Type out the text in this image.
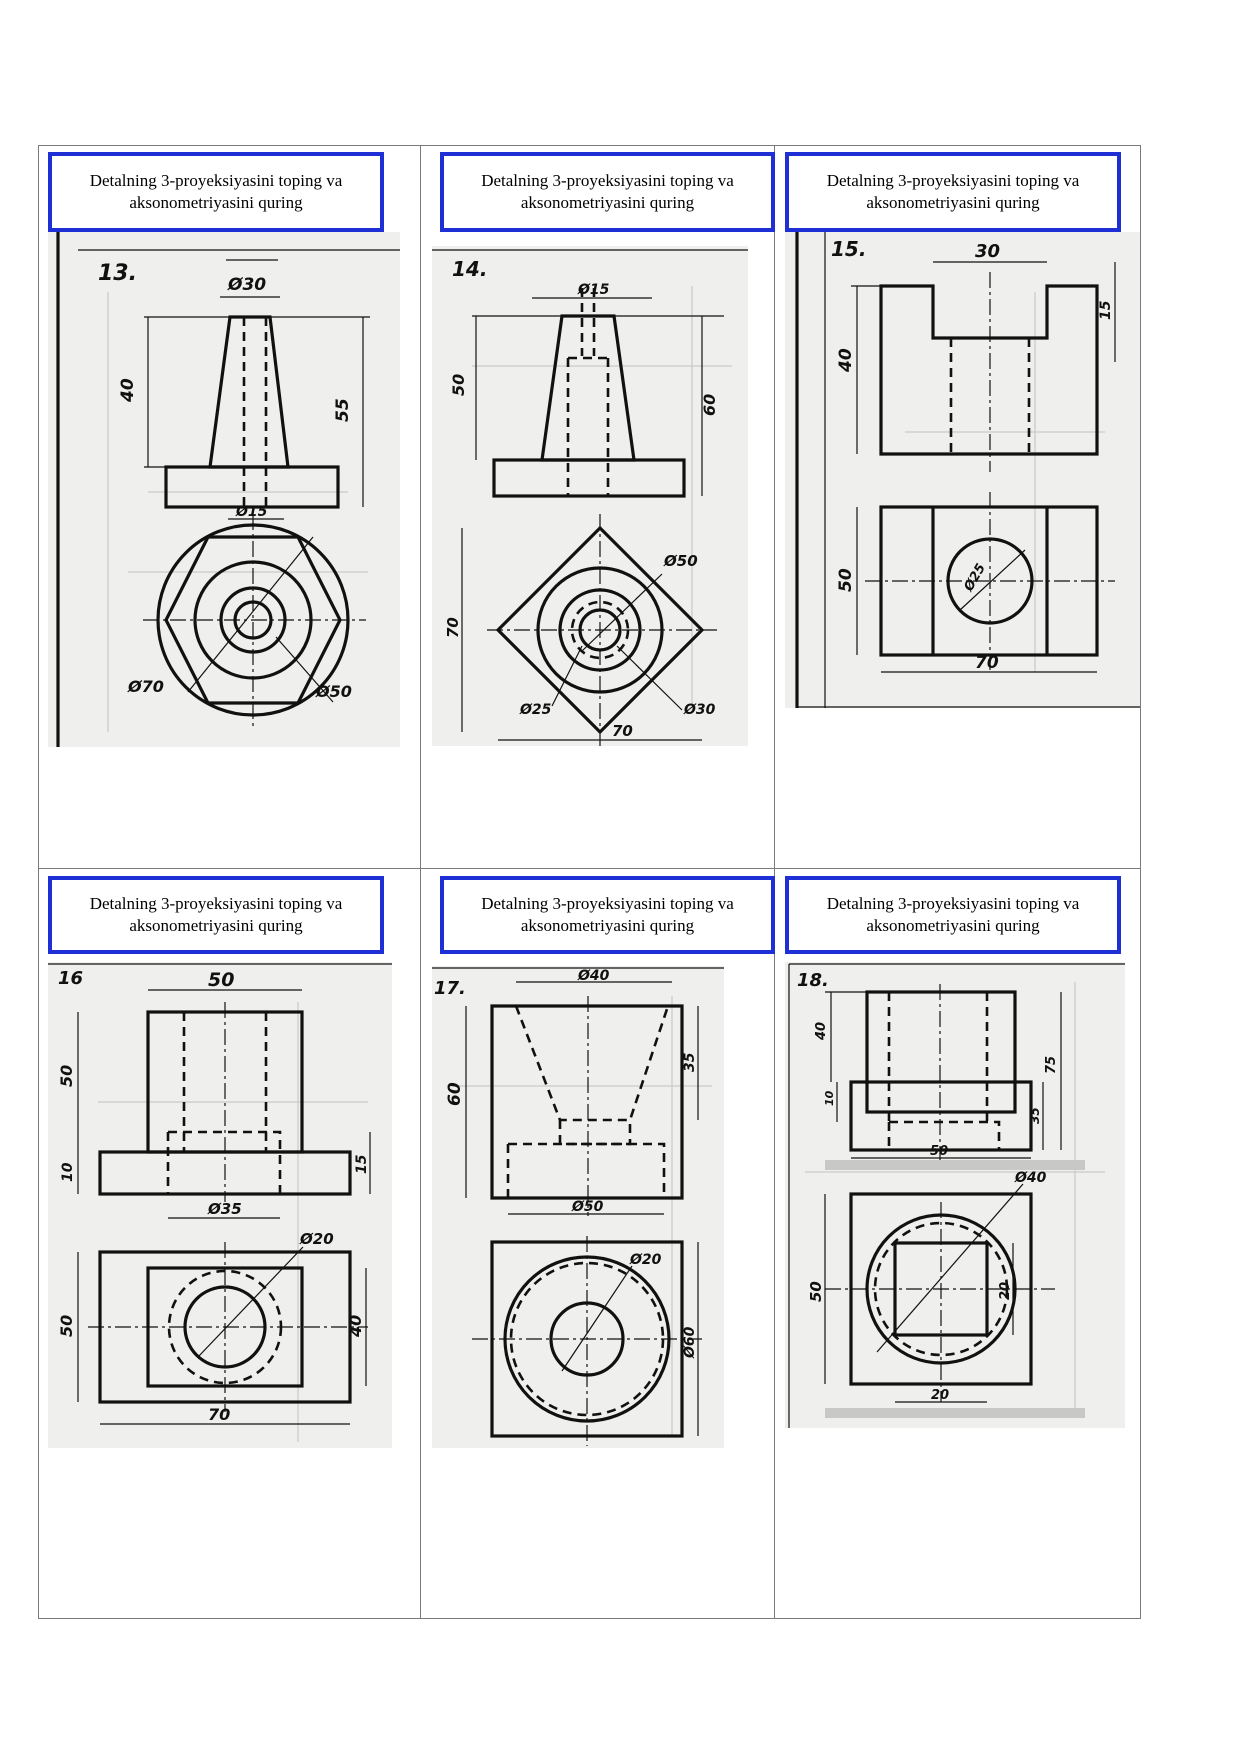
Detalning 3-proyeksiyasini toping va aksonometriyasini quring
13.	Ø30
40
55
Ø15
Ø70	Ø50
Detalning 3-proyeksiyasini toping va aksonometriyasini quring
14.
Ø15
50
60
70
Ø50
Ø25	Ø30
70
Detalning 3-proyeksiyasini toping va aksonometriyasini quring
15.	30
40
15
50	Ø25
70
Detalning 3-proyeksiyasini toping va aksonometriyasini quring
16	50
50
10	15
Ø35
Ø20
50	40
70
Detalning 3-proyeksiyasini toping va aksonometriyasini quring
17.
Ø40
60
35
Ø50
Ø20
Ø60
Detalning 3-proyeksiyasini toping va aksonometriyasini quring
18.
40
10
75
35
50
Ø40
50	20
20
